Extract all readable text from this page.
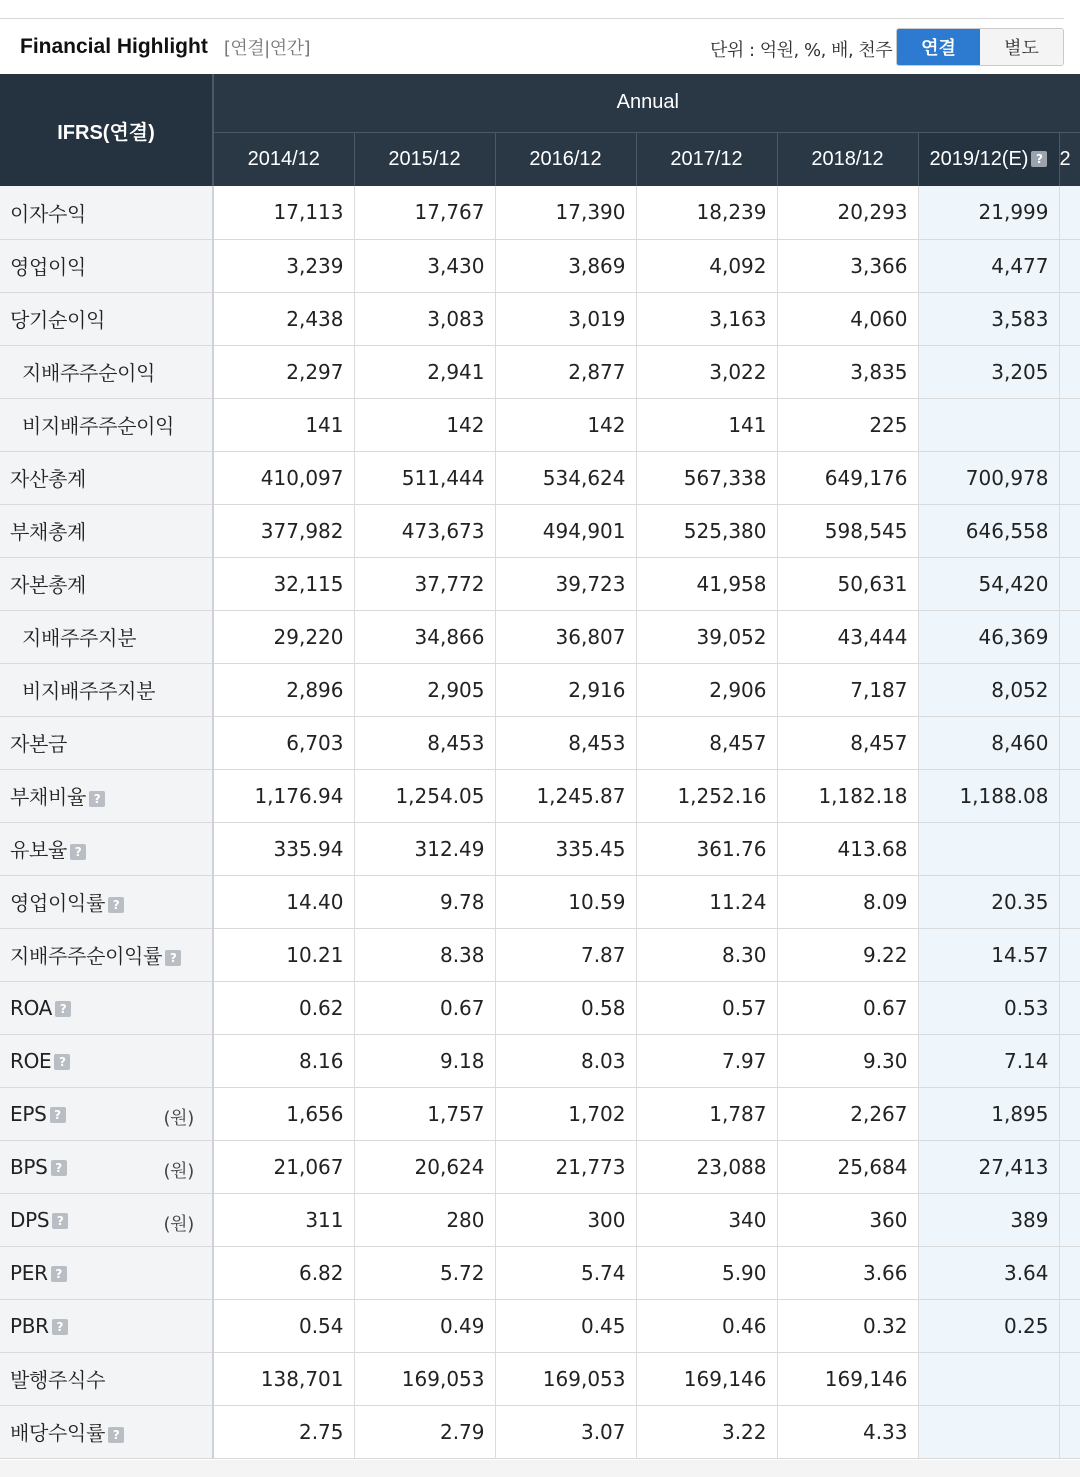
Financial Highlight [연결|연간]	단위 : 억원, %, 배, 천주	연결	별도
IFRS(연결)	Annual						
	2014/12	2015/12	2016/12	2017/12	2018/12	2019/12(E) ?	2
이자수익	17,113	17,767	17,390	18,239	20,293	21,999	
영업이익	3,239	3,430	3,869	4,092	3,366	4,477	
당기순이익	2,438	3,083	3,019	3,163	4,060	3,583	
지배주주순이익	2,297	2,941	2,877	3,022	3,835	3,205	
비지배주주순이익	141	142	142	141	225		
자산총계	410,097	511,444	534,624	567,338	649,176	700,978	
부채총계	377,982	473,673	494,901	525,380	598,545	646,558	
자본총계	32,115	37,772	39,723	41,958	50,631	54,420	
지배주주지분	29,220	34,866	36,807	39,052	43,444	46,369	
비지배주주지분	2,896	2,905	2,916	2,906	7,187	8,052	
자본금	6,703	8,453	8,453	8,457	8,457	8,460	
부채비율 ?	1,176.94	1,254.05	1,245.87	1,252.16	1,182.18	1,188.08	
유보율 ?	335.94	312.49	335.45	361.76	413.68		
영업이익률 ?	14.40	9.78	10.59	11.24	8.09	20.35	
지배주주순이익률 ?	10.21	8.38	7.87	8.30	9.22	14.57	
ROA ?	0.62	0.67	0.58	0.57	0.67	0.53	
ROE ?	8.16	9.18	8.03	7.97	9.30	7.14	
EPS ? (원)	1,656	1,757	1,702	1,787	2,267	1,895	
BPS ? (원)	21,067	20,624	21,773	23,088	25,684	27,413	
DPS ? (원)	311	280	300	340	360	389	
PER ?	6.82	5.72	5.74	5.90	3.66	3.64	
PBR ?	0.54	0.49	0.45	0.46	0.32	0.25	
발행주식수	138,701	169,053	169,053	169,146	169,146		
배당수익률 ?	2.75	2.79	3.07	3.22	4.33		
